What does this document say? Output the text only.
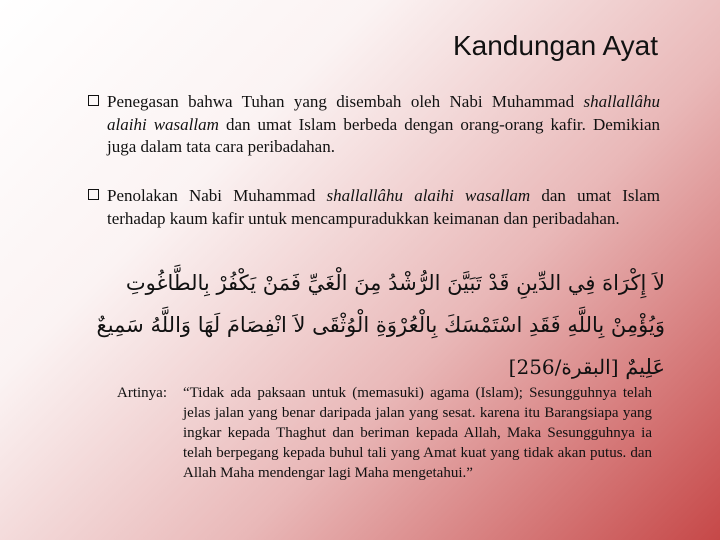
Kandungan Ayat
Penegasan bahwa Tuhan yang disembah oleh Nabi Muhammad shallallâhu alaihi wasallam dan umat Islam berbeda dengan orang-orang kafir. Demikian juga dalam tata cara peribadahan.
Penolakan Nabi Muhammad shallallâhu alaihi wasallam dan umat Islam terhadap kaum kafir untuk mencampuradukkan keimanan dan peribadahan.
لاَ إِكْرَاهَ فِي الدِّينِ قَدْ تَبَيَّنَ الرُّشْدُ مِنَ الْغَيِّ فَمَنْ يَكْفُرْ بِالطَّاغُوتِ وَيُؤْمِنْ بِاللَّهِ فَقَدِ اسْتَمْسَكَ بِالْعُرْوَةِ الْوُثْقَى لاَ انْفِصَامَ لَهَا وَاللَّهُ سَمِيعٌ عَلِيمٌ [البقرة/256]
Artinya: “Tidak ada paksaan untuk (memasuki) agama (Islam); Sesungguhnya telah jelas jalan yang benar daripada jalan yang sesat. karena itu Barangsiapa yang ingkar kepada Thaghut dan beriman kepada Allah, Maka Sesungguhnya ia telah berpegang kepada buhul tali yang Amat kuat yang tidak akan putus. dan Allah Maha mendengar lagi Maha mengetahui.”
